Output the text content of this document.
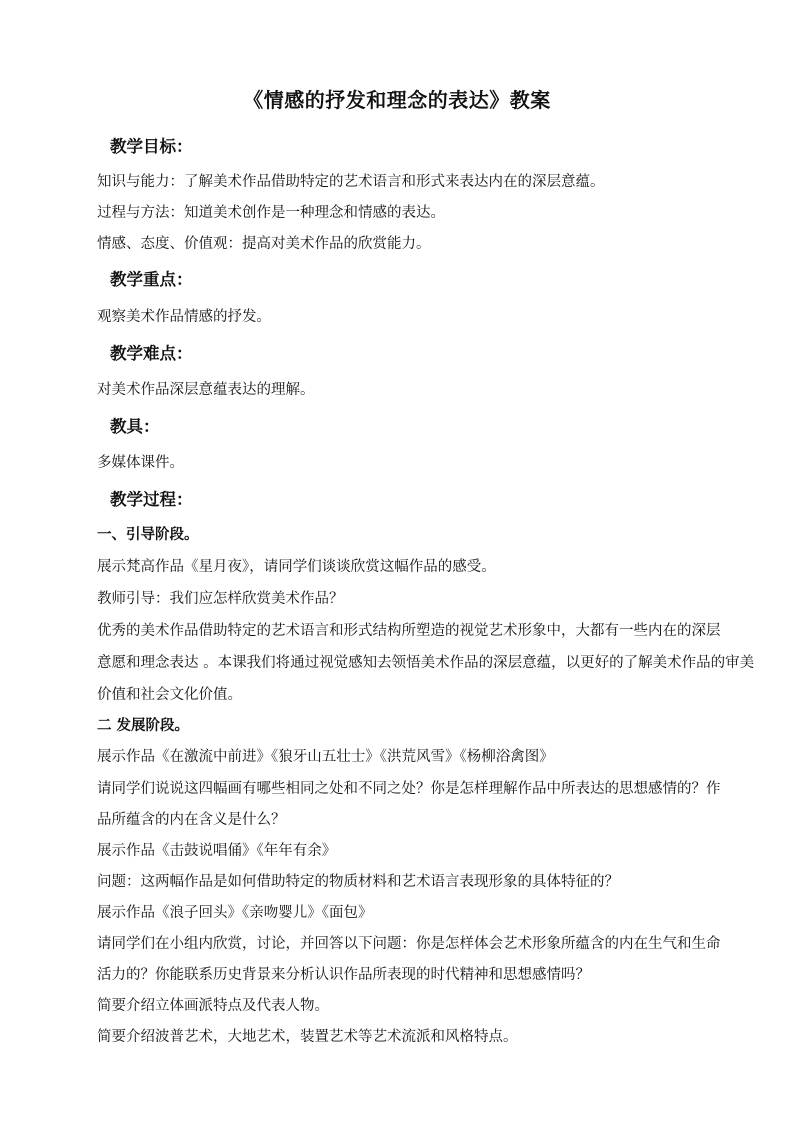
《情感的抒发和理念的表达》教案
教学目标：
知识与能力：了解美术作品借助特定的艺术语言和形式来表达内在的深层意蕴。
过程与方法：知道美术创作是一种理念和情感的表达。
情感、态度、价值观：提高对美术作品的欣赏能力。
教学重点：
观察美术作品情感的抒发。
教学难点：
对美术作品深层意蕴表达的理解。
教具：
多媒体课件。
教学过程：
一、引导阶段。
展示梵高作品《星月夜》，请同学们谈谈欣赏这幅作品的感受。
教师引导：我们应怎样欣赏美术作品？
优秀的美术作品借助特定的艺术语言和形式结构所塑造的视觉艺术形象中，大都有一些内在的深层
意愿和理念表达 。本课我们将通过视觉感知去领悟美术作品的深层意蕴，以更好的了解美术作品的审美
价值和社会文化价值。
二 发展阶段。
展示作品《在激流中前进》《狼牙山五壮士》《洪荒风雪》《杨柳浴禽图》
请同学们说说这四幅画有哪些相同之处和不同之处？你是怎样理解作品中所表达的思想感情的？作
品所蕴含的内在含义是什么？
展示作品《击鼓说唱俑》《年年有余》
问题：这两幅作品是如何借助特定的物质材料和艺术语言表现形象的具体特征的？
展示作品《浪子回头》《亲吻婴儿》《面包》
请同学们在小组内欣赏，讨论，并回答以下问题：你是怎样体会艺术形象所蕴含的内在生气和生命
活力的？你能联系历史背景来分析认识作品所表现的时代精神和思想感情吗？
简要介绍立体画派特点及代表人物。
简要介绍波普艺术，大地艺术，装置艺术等艺术流派和风格特点。
